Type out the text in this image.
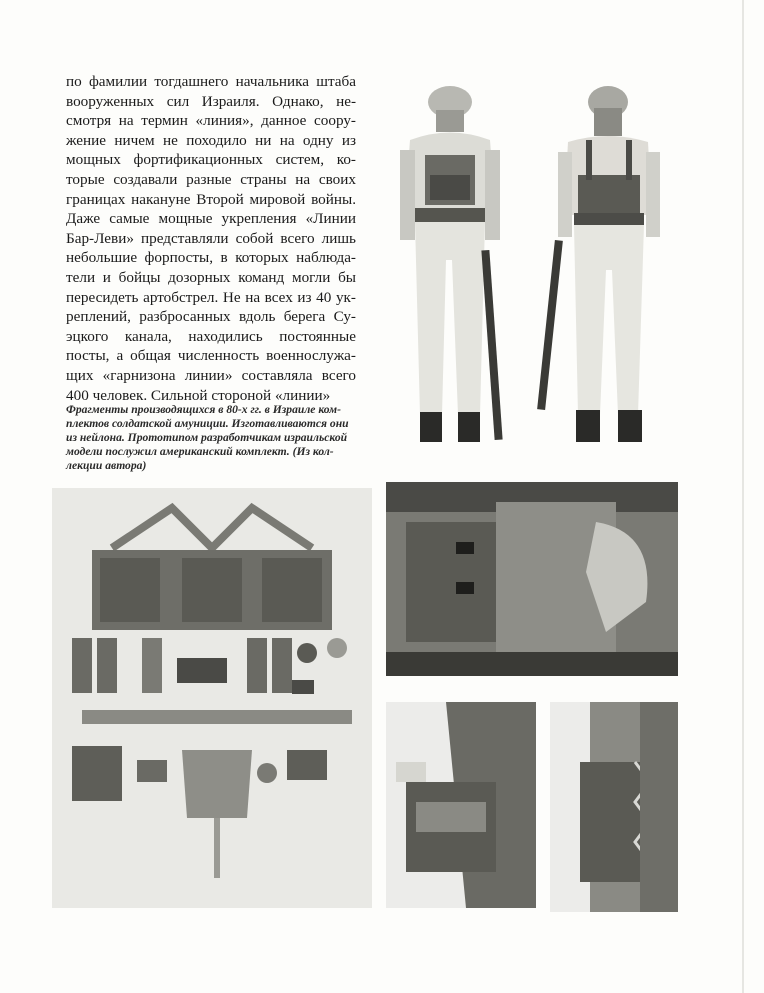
по фамилии тогдашнего начальника штаба
вооруженных сил Израиля. Однако, не-
смотря на термин «линия», данное соору-
жение ничем не походило ни на одну из
мощных фортификационных систем, ко-
торые создавали разные страны на своих
границах накануне Второй мировой войны.
Даже самые мощные укрепления «Линии
Бар-Леви» представляли собой всего лишь
небольшие форпосты, в которых наблюда-
тели и бойцы дозорных команд могли бы
пересидеть артобстрел. Не на всех из 40 ук-
реплений, разбросанных вдоль берега Су-
эцкого канала, находились постоянные
посты, а общая численность военнослужа-
щих «гарнизона линии» составляла всего
400 человек. Сильной стороной «линии»
Фрагменты производящихся в 80-х гг. в Израиле ком-
плектов солдатской амуниции. Изготавливаются они
из нейлона. Прототипом разработчикам израильской
модели послужил американский комплект. (Из кол-
лекции автора)
